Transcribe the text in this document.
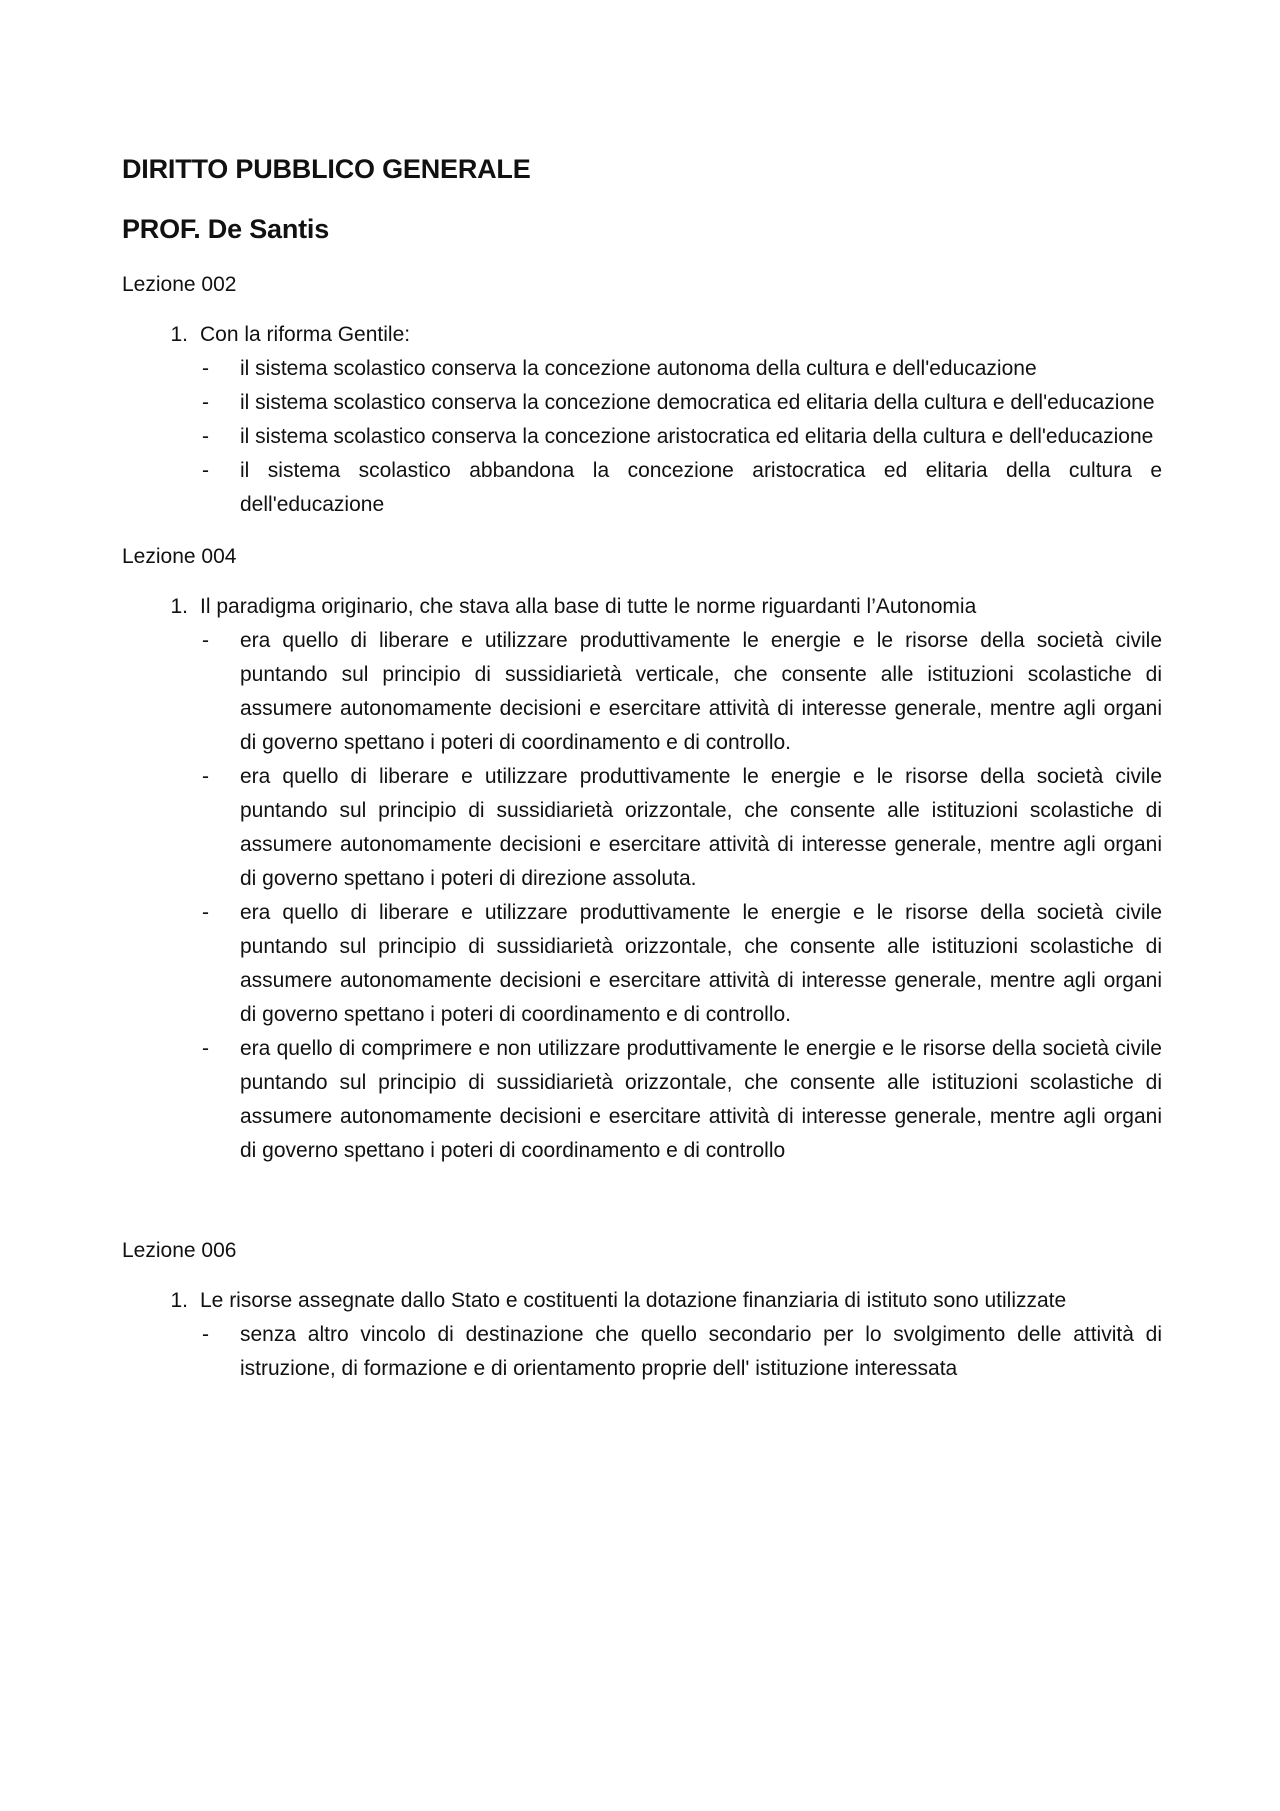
DIRITTO PUBBLICO GENERALE
PROF. De Santis
Lezione 002
1. Con la riforma Gentile:
-	il sistema scolastico conserva la concezione autonoma della cultura e dell'educazione
-	il sistema scolastico conserva la concezione democratica ed elitaria della cultura e dell'educazione
-	il sistema scolastico conserva la concezione aristocratica ed elitaria della cultura e dell'educazione
-	il sistema scolastico abbandona la concezione aristocratica ed elitaria della cultura e dell'educazione
Lezione 004
1. Il paradigma originario, che stava alla base di tutte le norme riguardanti l’Autonomia
-	era quello di liberare e utilizzare produttivamente le energie e le risorse della società civile puntando sul principio di sussidiarietà verticale, che consente alle istituzioni scolastiche di assumere autonomamente decisioni e esercitare attività di interesse generale, mentre agli organi di governo spettano i poteri di coordinamento e di controllo.
-	era quello di liberare e utilizzare produttivamente le energie e le risorse della società civile puntando sul principio di sussidiarietà orizzontale, che consente alle istituzioni scolastiche di assumere autonomamente decisioni e esercitare attività di interesse generale, mentre agli organi di governo spettano i poteri di direzione assoluta.
-	era quello di liberare e utilizzare produttivamente le energie e le risorse della società civile puntando sul principio di sussidiarietà orizzontale, che consente alle istituzioni scolastiche di assumere autonomamente decisioni e esercitare attività di interesse generale, mentre agli organi di governo spettano i poteri di coordinamento e di controllo.
-	era quello di comprimere e non utilizzare produttivamente le energie e le risorse della società civile puntando sul principio di sussidiarietà orizzontale, che consente alle istituzioni scolastiche di assumere autonomamente decisioni e esercitare attività di interesse generale, mentre agli organi di governo spettano i poteri di coordinamento e di controllo
Lezione 006
1. Le risorse assegnate dallo Stato e costituenti la dotazione finanziaria di istituto sono utilizzate
-	senza altro vincolo di destinazione che quello secondario per lo svolgimento delle attività di istruzione, di formazione e di orientamento proprie dell' istituzione interessata
